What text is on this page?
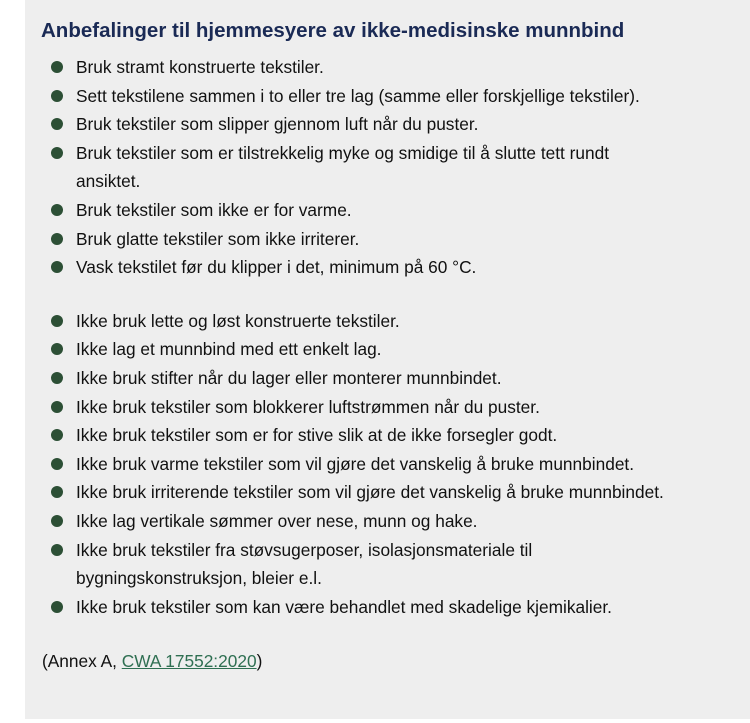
Anbefalinger til hjemmesyere av ikke-medisinske munnbind
Bruk stramt konstruerte tekstiler.
Sett tekstilene sammen i to eller tre lag (samme eller forskjellige tekstiler).
Bruk tekstiler som slipper gjennom luft når du puster.
Bruk tekstiler som er tilstrekkelig myke og smidige til å slutte tett rundt
ansiktet.
Bruk tekstiler som ikke er for varme.
Bruk glatte tekstiler som ikke irriterer.
Vask tekstilet før du klipper i det, minimum på 60 °C.
Ikke bruk lette og løst konstruerte tekstiler.
Ikke lag et munnbind med ett enkelt lag.
Ikke bruk stifter når du lager eller monterer munnbindet.
Ikke bruk tekstiler som blokkerer luftstrømmen når du puster.
Ikke bruk tekstiler som er for stive slik at de ikke forsegler godt.
Ikke bruk varme tekstiler som vil gjøre det vanskelig å bruke munnbindet.
Ikke bruk irriterende tekstiler som vil gjøre det vanskelig å bruke munnbindet.
Ikke lag vertikale sømmer over nese, munn og hake.
Ikke bruk tekstiler fra støvsugerposer, isolasjonsmateriale til
bygningskonstruksjon, bleier e.l.
Ikke bruk tekstiler som kan være behandlet med skadelige kjemikalier.
(Annex A, CWA 17552:2020)
